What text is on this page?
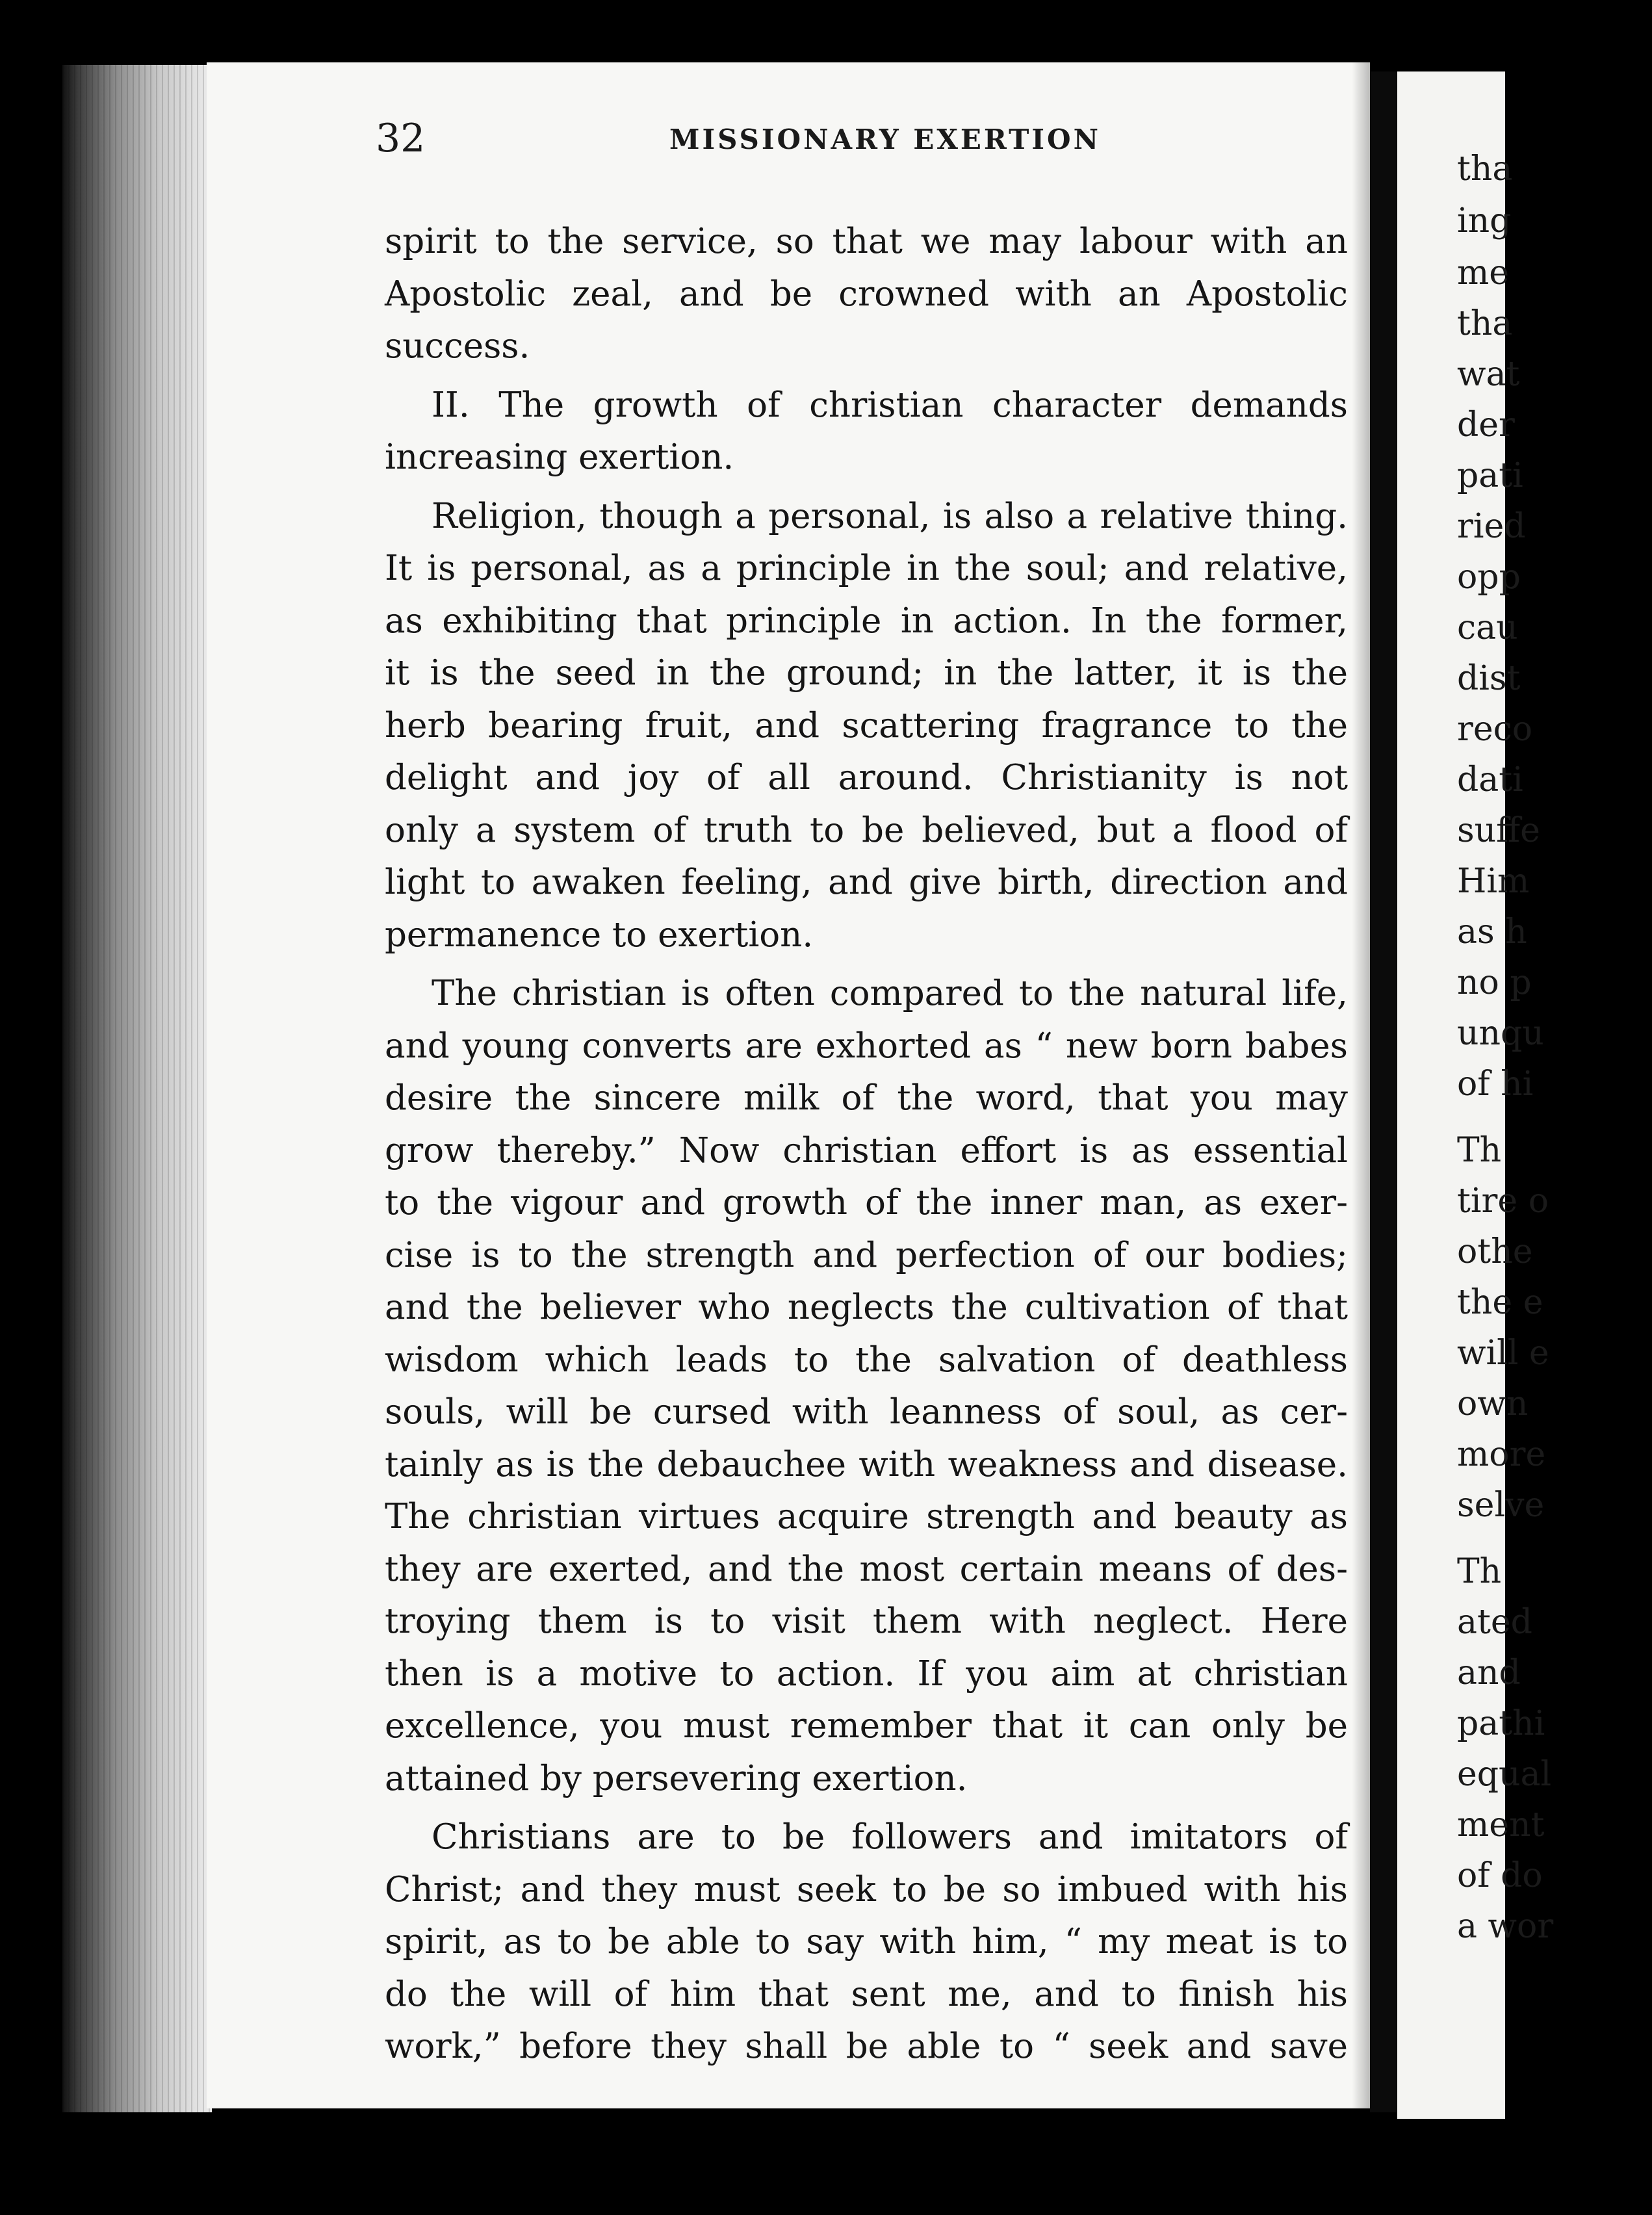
tha
ing
me
tha
wat
der
pati
ried
opp
cau
dist
reco
dati
suffe
Him
as h
no p
unqu
of hi
Th
tire o
othe
the e
will e
own
more
selve
Th
ated
and
pathi
equal
ment
of do
a wor
32	MISSIONARY EXERTION
spirit to the service, so that we may labour with an
Apostolic zeal, and be crowned with an Apostolic
success.
II. The growth of christian character demands
increasing exertion.
Religion, though a personal, is also a relative thing.
It is personal, as a principle in the soul; and relative,
as exhibiting that principle in action. In the former,
it is the seed in the ground; in the latter, it is the
herb bearing fruit, and scattering fragrance to the
delight and joy of all around. Christianity is not
only a system of truth to be believed, but a flood of
light to awaken feeling, and give birth, direction and
permanence to exertion.
The christian is often compared to the natural life,
and young converts are exhorted as “ new born babes
desire the sincere milk of the word, that you may
grow thereby.” Now christian effort is as essential
to the vigour and growth of the inner man, as exer-
cise is to the strength and perfection of our bodies;
and the believer who neglects the cultivation of that
wisdom which leads to the salvation of deathless
souls, will be cursed with leanness of soul, as cer-
tainly as is the debauchee with weakness and disease.
The christian virtues acquire strength and beauty as
they are exerted, and the most certain means of des-
troying them is to visit them with neglect. Here
then is a motive to action. If you aim at christian
excellence, you must remember that it can only be
attained by persevering exertion.
Christians are to be followers and imitators of
Christ; and they must seek to be so imbued with his
spirit, as to be able to say with him, “ my meat is to
do the will of him that sent me, and to finish his
work,” before they shall be able to “ seek and save
